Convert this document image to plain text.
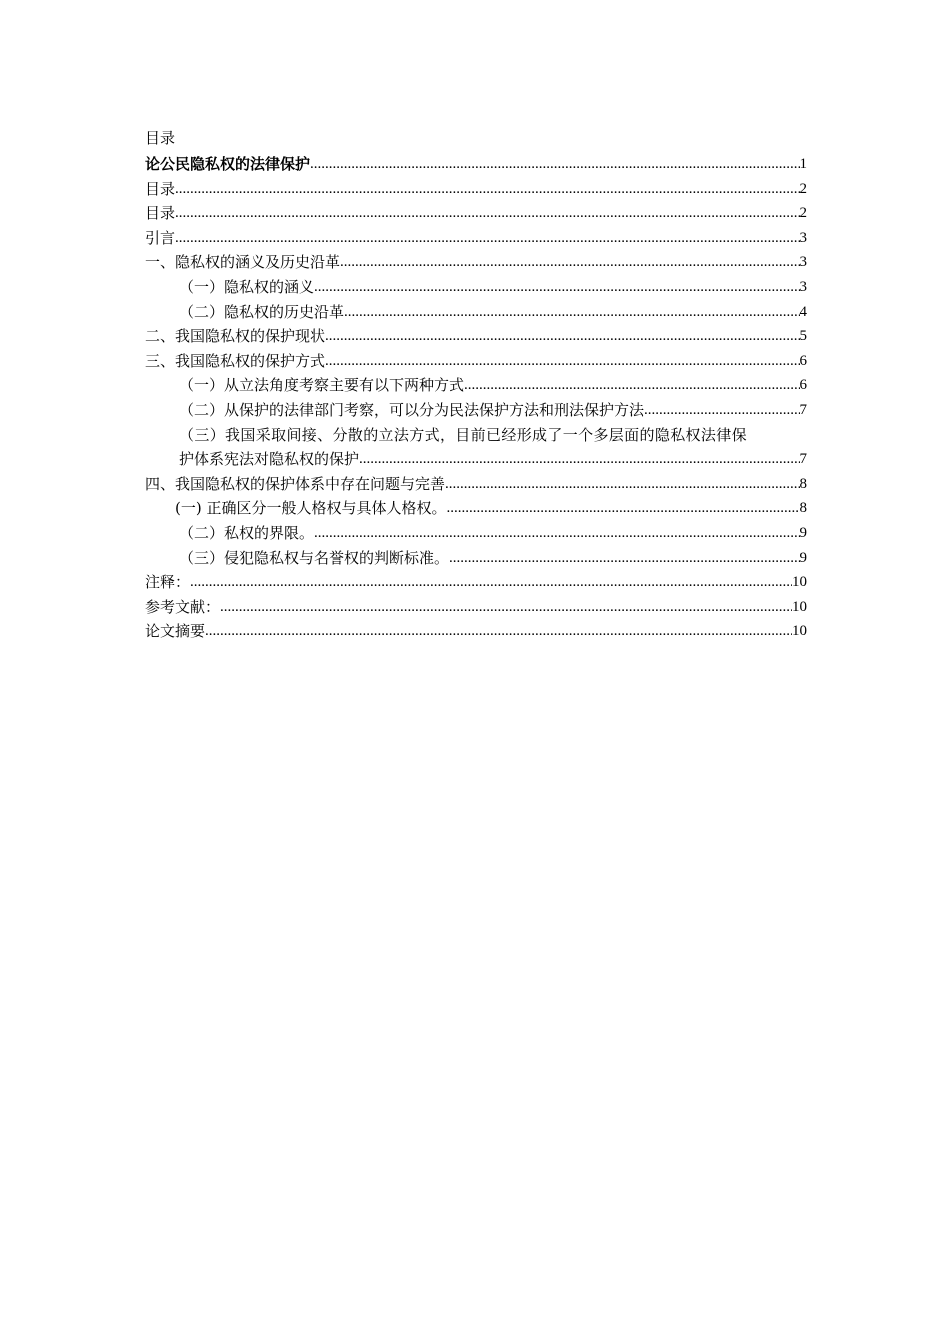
目录
论公民隐私权的法律保护 .....	1
目录 .....	2
目录 .....	2
引言 .....	3
一、隐私权的涵义及历史沿革 .....	3
（一）隐私权的涵义 .....	3
（二）隐私权的历史沿革 .....	4
二、我国隐私权的保护现状 .....	5
三、我国隐私权的保护方式 .....	6
（一）从立法角度考察主要有以下两种方式 .....	6
（二）从保护的法律部门考察，可以分为民法保护方法和刑法保护方法 .....	7
（三）我国采取间接、分散的立法方式，目前已经形成了一个多层面的隐私权法律保
护体系宪法对隐私权的保护 .....	7
四、我国隐私权的保护体系中存在问题与完善 .....	8
(一) 正确区分一般人格权与具体人格权。 .....	8
（二）私权的界限。 .....	9
（三）侵犯隐私权与名誉权的判断标准。 .....	9
注释： .....	10
参考文献： .....	10
论文摘要 .....	10
